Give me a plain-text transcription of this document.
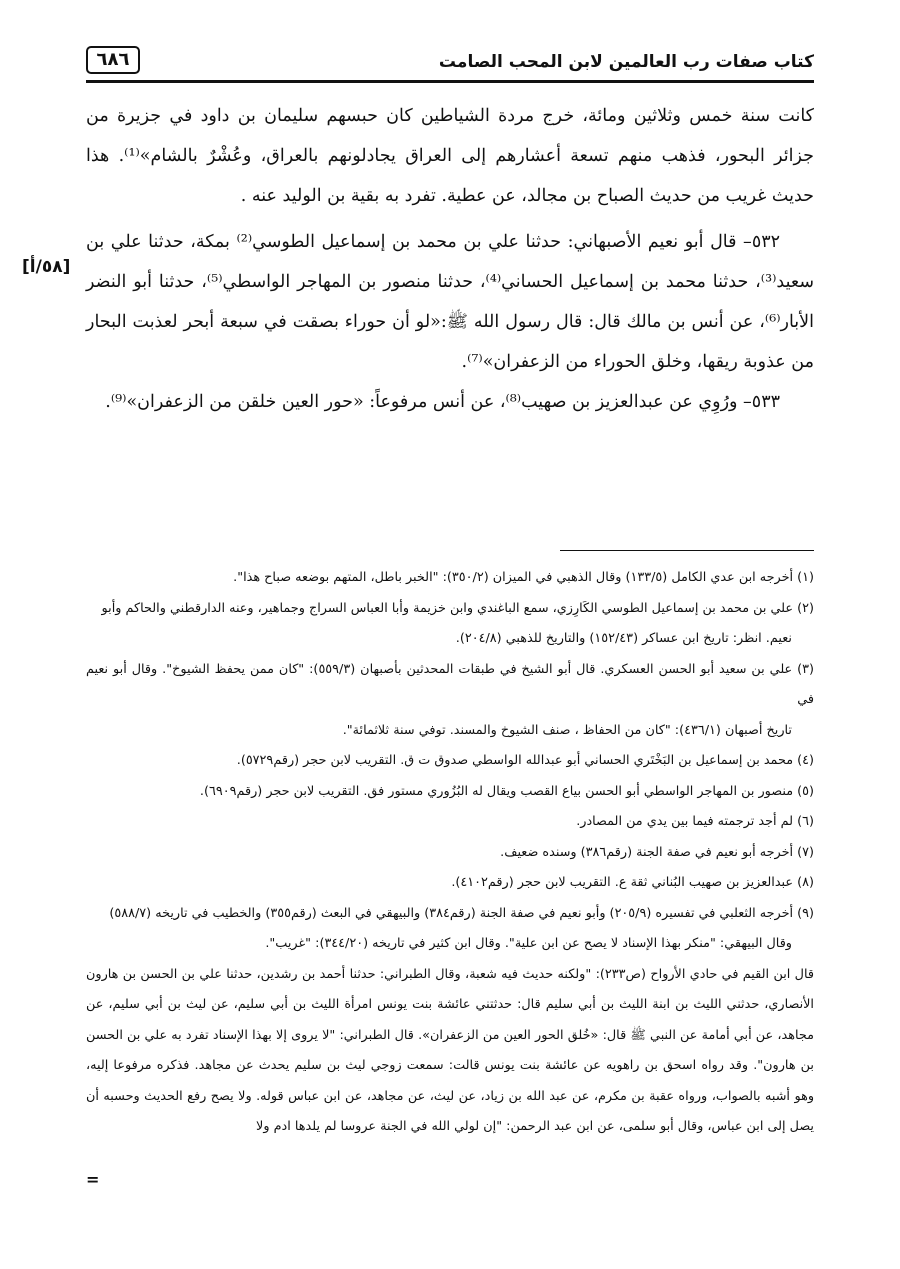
كتاب صفات رب العالمين لابن المحب الصامت
٦٨٦
[٥٨/أ]

كانت سنة خمس وثلاثين ومائة، خرج مردة الشياطين كان حبسهم سليمان بن داود في جزيرة من جزائر البحور، فذهب منهم تسعة أعشارهم إلى العراق يجادلونهم بالعراق، وعُشْرٌ بالشام»⁽¹⁾. هذا حديث غريب من حديث الصباح بن مجالد، عن عطية. تفرد به بقية بن الوليد عنه .

٥٣٢– قال أبو نعيم الأصبهاني: حدثنا علي بن محمد بن إسماعيل الطوسي⁽²⁾ بمكة، حدثنا علي بن سعيد⁽³⁾، حدثنا محمد بن إسماعيل الحساني⁽⁴⁾، حدثنا منصور بن المهاجر الواسطي⁽⁵⁾، حدثنا أبو النضر الأبار⁽⁶⁾، عن أنس بن مالك قال: قال رسول الله ﷺ:«لو أن حوراء بصقت في سبعة أبحر لعذبت البحار من عذوبة ريقها، وخلق الحوراء من الزعفران»⁽⁷⁾.

٥٣٣– ورُوِي عن عبدالعزيز بن صهيب⁽⁸⁾، عن أنس مرفوعاً: «حور العين خلقن من الزعفران»⁽⁹⁾.

(١) أخرجه ابن عدي الكامل (١٣٣/٥) وقال الذهبي في الميزان (٣٥٠/٢): "الخبر باطل، المتهم بوضعه صباح هذا".

(٢) علي بن محمد بن إسماعيل الطوسي الكَارِزي، سمع الباغندي وابن خزيمة وأبا العباس السراج وجماهير، وعنه الدارقطني والحاكم وأبو

نعيم. انظر: تاريخ ابن عساكر (١٥٢/٤٣) والتاريخ للذهبي (٢٠٤/٨).

(٣) علي بن سعيد أبو الحسن العسكري. قال أبو الشيخ في طبقات المحدثين بأصبهان (٥٥٩/٣): "كان ممن يحفظ الشيوخ". وقال أبو نعيم في

تاريخ أصبهان (٤٣٦/١): "كان من الحفاظ ، صنف الشيوخ والمسند. توفي سنة ثلاثمائة".

(٤) محمد بن إسماعيل بن البَخْتَري الحساني أبو عبدالله الواسطي صدوق ت ق. التقريب لابن حجر (رقم٥٧٢٩).

(٥) منصور بن المهاجر الواسطي أبو الحسن بياع القصب ويقال له البُزُوري مستور فق. التقريب لابن حجر (رقم٦٩٠٩).

(٦) لم أجد ترجمته فيما بين يدي من المصادر.

(٧) أخرجه أبو نعيم في صفة الجنة (رقم٣٨٦) وسنده ضعيف.

(٨) عبدالعزيز بن صهيب البُناني ثقة ع. التقريب لابن حجر (رقم٤١٠٢).

(٩) أخرجه الثعلبي في تفسيره (٢٠٥/٩) وأبو نعيم في صفة الجنة (رقم٣٨٤) والبيهقي في البعث (رقم٣٥٥) والخطيب في تاريخه (٥٨٨/٧)

وقال البيهقي: "منكر بهذا الإسناد لا يصح عن ابن علية". وقال ابن كثير في تاريخه (٣٤٤/٢٠): "غريب".

قال ابن القيم في حادي الأرواح (ص٢٣٣): "ولكنه حديث فيه شعبة، وقال الطبراني: حدثنا أحمد بن رشدين، حدثنا علي بن الحسن بن هارون الأنصاري، حدثني الليث بن ابنة الليث بن أبي سليم قال: حدثتني عائشة بنت يونس امرأة الليث بن أبي سليم، عن ليث بن أبي سليم، عن مجاهد، عن أبي أمامة عن النبي ﷺ قال: «خُلق الحور العين من الزعفران». قال الطبراني: "لا يروى إلا بهذا الإسناد تفرد به علي بن الحسن بن هارون". وقد رواه اسحق بن راهويه عن عائشة بنت يونس قالت: سمعت زوجي ليث بن سليم يحدث عن مجاهد. فذكره مرفوعا إليه، وهو أشبه بالصواب، ورواه عقبة بن مكرم، عن عبد الله بن زياد، عن ليث، عن مجاهد، عن ابن عباس قوله. ولا يصح رفع الحديث وحسبه أن يصل إلى ابن عباس، وقال أبو سلمى، عن ابن عبد الرحمن: "إن لولي الله في الجنة عروسا لم يلدها ادم ولا

=
